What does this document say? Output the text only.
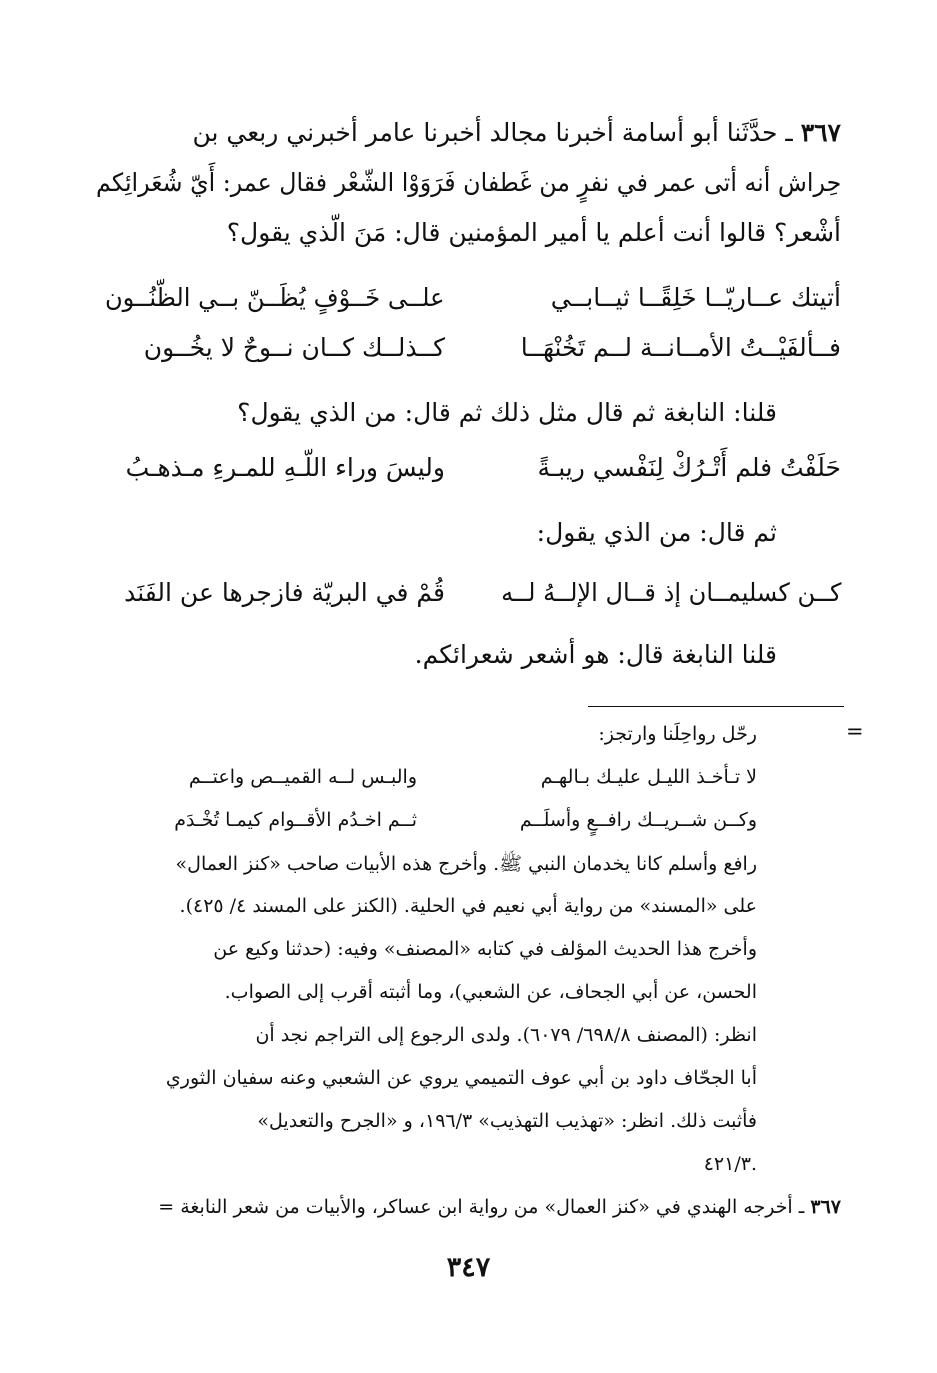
٣٦٧ ـ حدَّثَنا أبو أسامة أخبرنا مجالد أخبرنا عامر أخبرني ربعي بن
حِراش أنه أتى عمر في نفرٍ من غَطفان فَرَوَوْا الشّعْر فقال عمر: أَيّ شُعَرائِكم
أشْعر؟ قالوا أنت أعلم يا أمير المؤمنين قال: مَنَ الّذي يقول؟
أتيتك عــاريّــا خَلِقًــا ثيــابــي
علــى خَــوْفٍ يُظَــنّ بــي الظّنُــون
فــألفَيْــتُ الأمــانــة لــم تَخُنْهَــا
كــذلــك كــان نــوحٌ لا يخُــون
قلنا: النابغة ثم قال مثل ذلك ثم قال: من الذي يقول؟
حَلَفْتُ فلم أَتْـرُكْ لِنَفْسي ريبـةً
وليسَ وراء اللّـهِ للمـرءِ مـذهـبُ
ثم قال: من الذي يقول:
كــن كسليمــان إذ قــال الإلــهُ لــه
قُمْ في البريّة فازجرها عن الفَنَد
قلنا النابغة قال: هو أشعر شعرائكم.
=
رحّل رواحِلَنا وارتجز:
لا تـأخـذ الليـل عليـك بـالهـم
والبـس لــه القميــص واعتــم
وكــن شــريــك رافــعٍ وأسلَــم
ثــم اخـدُم الأقــوام كيمـا تُخْـدَم
رافع وأسلم كانا يخدمان النبي ﷺ. وأخرج هذه الأبيات صاحب «كنز العمال»
على «المسند» من رواية أبي نعيم في الحلية. (الكنز على المسند ٤/ ٤٢٥).
وأخرج هذا الحديث المؤلف في كتابه «المصنف» وفيه: (حدثنا وكيع عن
الحسن، عن أبي الجحاف، عن الشعبي)، وما أثبته أقرب إلى الصواب.
انظر: (المصنف ٦٩٨/٨/ ٦٠٧٩). ولدى الرجوع إلى التراجم نجد أن
أبا الجحّاف داود بن أبي عوف التميمي يروي عن الشعبي وعنه سفيان الثوري
فأثبت ذلك. انظر: «تهذيب التهذيب» ١٩٦/٣، و «الجرح والتعديل»
٤٢١/٣.
٣٦٧ ـ أخرجه الهندي في «كنز العمال» من رواية ابن عساكر، والأبيات من شعر النابغة =
٣٤٧
